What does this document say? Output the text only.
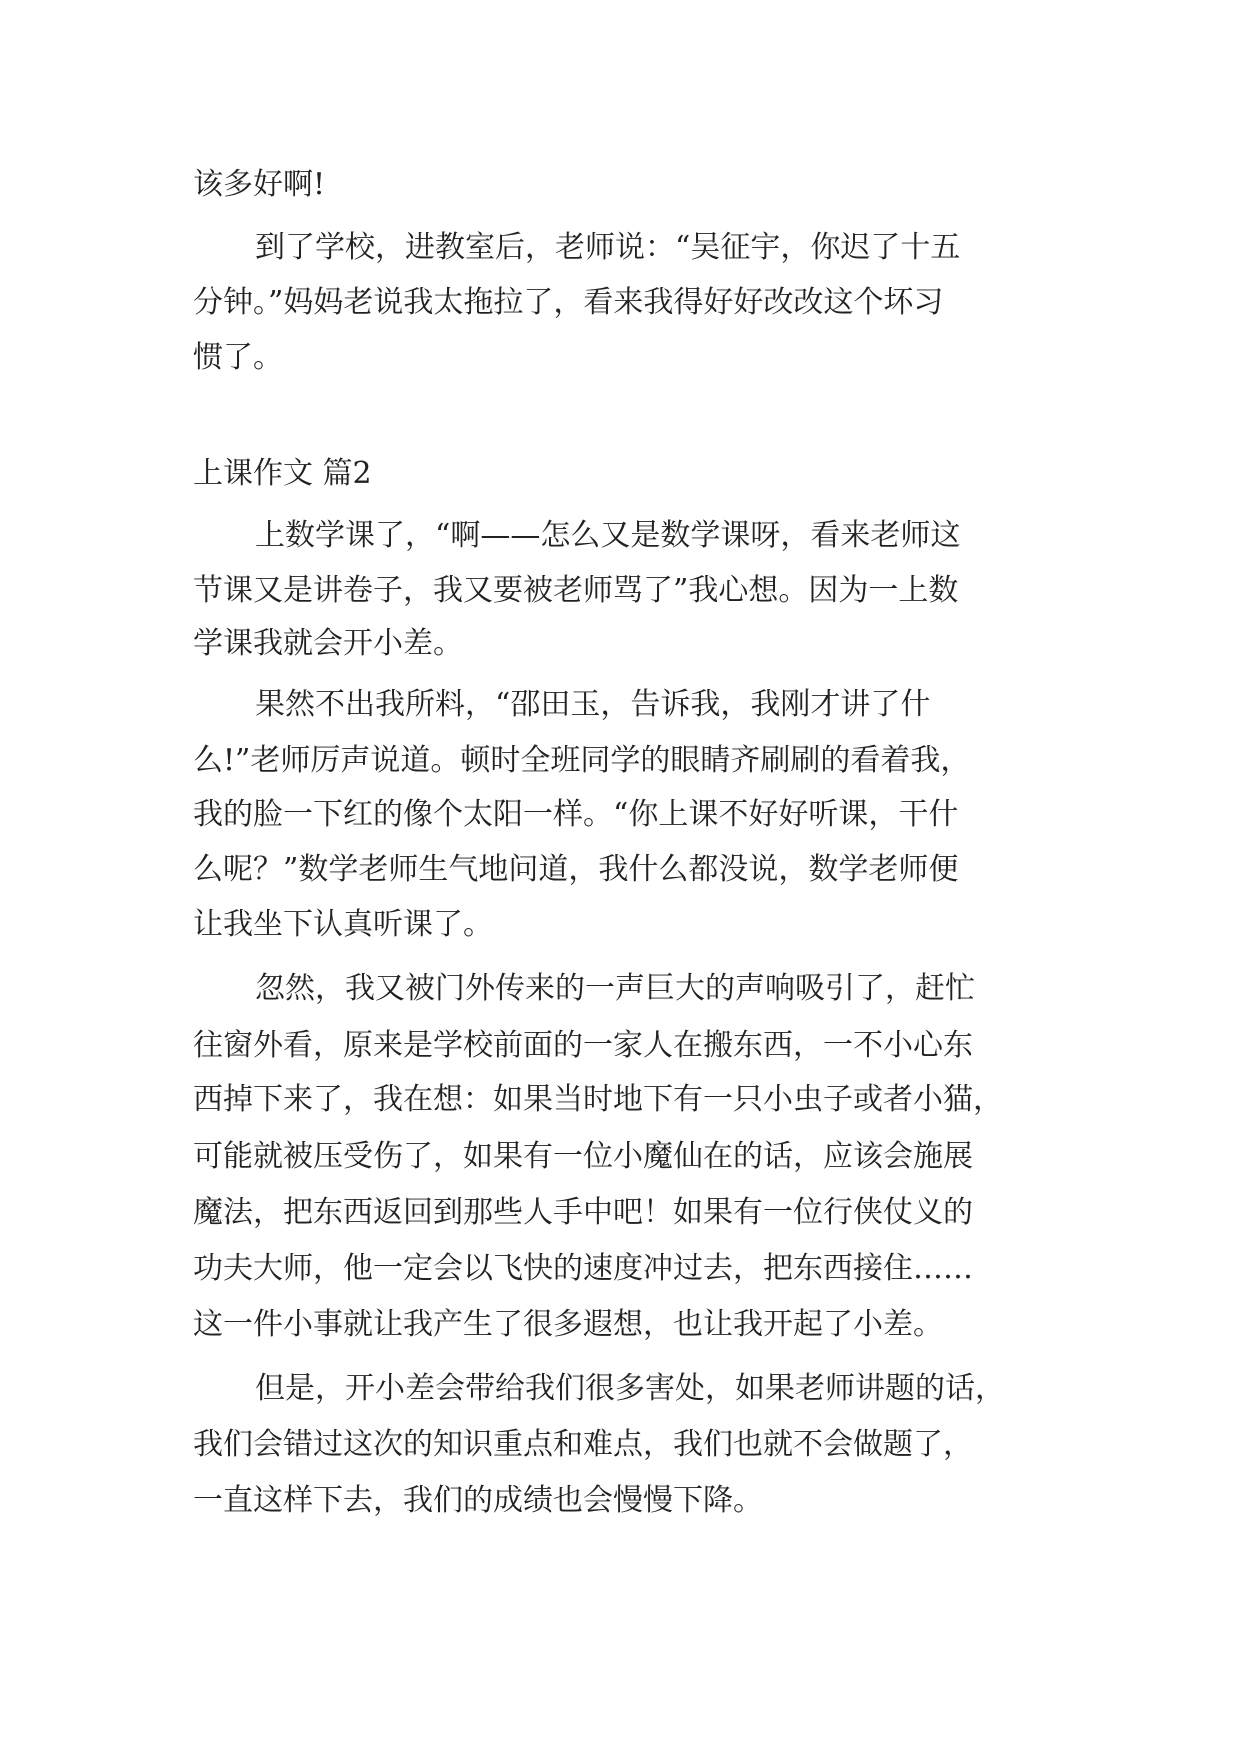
该多好啊!

到了学校，进教室后，老师说：“吴征宇，你迟了十五

分钟。”妈妈老说我太拖拉了，看来我得好好改改这个坏习

惯了。

上课作文 篇2

上数学课了，“啊——怎么又是数学课呀，看来老师这

节课又是讲卷子，我又要被老师骂了”我心想。因为一上数

学课我就会开小差。

果然不出我所料，“邵田玉，告诉我，我刚才讲了什

么!”老师厉声说道。顿时全班同学的眼睛齐刷刷的看着我，

我的脸一下红的像个太阳一样。“你上课不好好听课，干什

么呢？”数学老师生气地问道，我什么都没说，数学老师便

让我坐下认真听课了。

忽然，我又被门外传来的一声巨大的声响吸引了，赶忙

往窗外看，原来是学校前面的一家人在搬东西，一不小心东

西掉下来了，我在想：如果当时地下有一只小虫子或者小猫，

可能就被压受伤了，如果有一位小魔仙在的话，应该会施展

魔法，把东西返回到那些人手中吧！如果有一位行侠仗义的

功夫大师，他一定会以飞快的速度冲过去，把东西接住……

这一件小事就让我产生了很多遐想，也让我开起了小差。

但是，开小差会带给我们很多害处，如果老师讲题的话，

我们会错过这次的知识重点和难点，我们也就不会做题了，

一直这样下去，我们的成绩也会慢慢下降。
